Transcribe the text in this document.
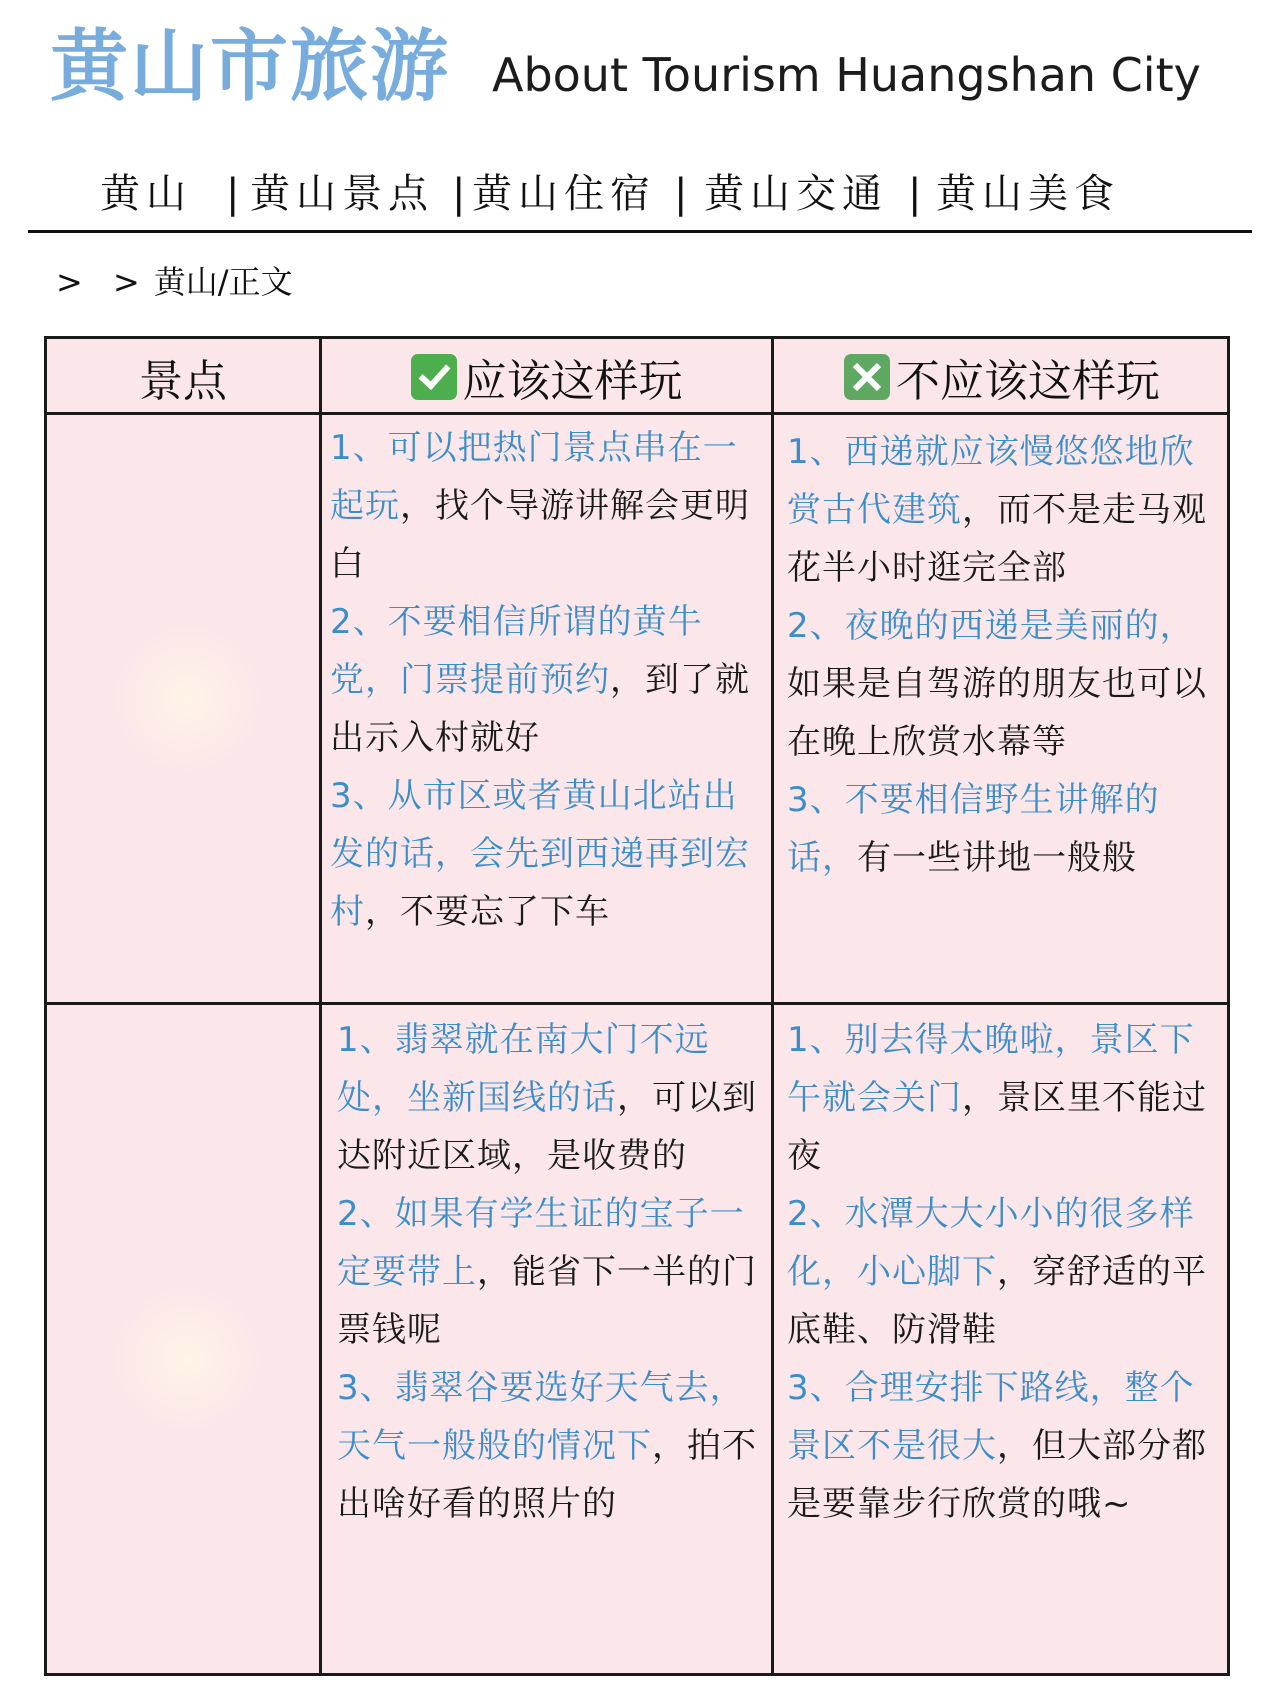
黄山市旅游 About Tourism Huangshan City
黄山 | 黄山景点 | 黄山住宿 | 黄山交通 | 黄山美食
> > 黄山/正文
景点	应该这样玩	不应该这样玩

1、可以把热门景点串在一起玩，找个导游讲解会更明白

2、不要相信所谓的黄牛党，门票提前预约，到了就出示入村就好

3、从市区或者黄山北站出发的话，会先到西递再到宏村，不要忘了下车

1、西递就应该慢悠悠地欣赏古代建筑，而不是走马观花半小时逛完全部

2、夜晚的西递是美丽的，如果是自驾游的朋友也可以在晚上欣赏水幕等

3、不要相信野生讲解的话，有一些讲地一般般

1、翡翠就在南大门不远处，坐新国线的话，可以到达附近区域，是收费的

2、如果有学生证的宝子一定要带上，能省下一半的门票钱呢

3、翡翠谷要选好天气去，天气一般般的情况下，拍不出啥好看的照片的

1、别去得太晚啦，景区下午就会关门，景区里不能过夜

2、水潭大大小小的很多样化，小心脚下，穿舒适的平底鞋、防滑鞋

3、合理安排下路线，整个景区不是很大，但大部分都是要靠步行欣赏的哦~
